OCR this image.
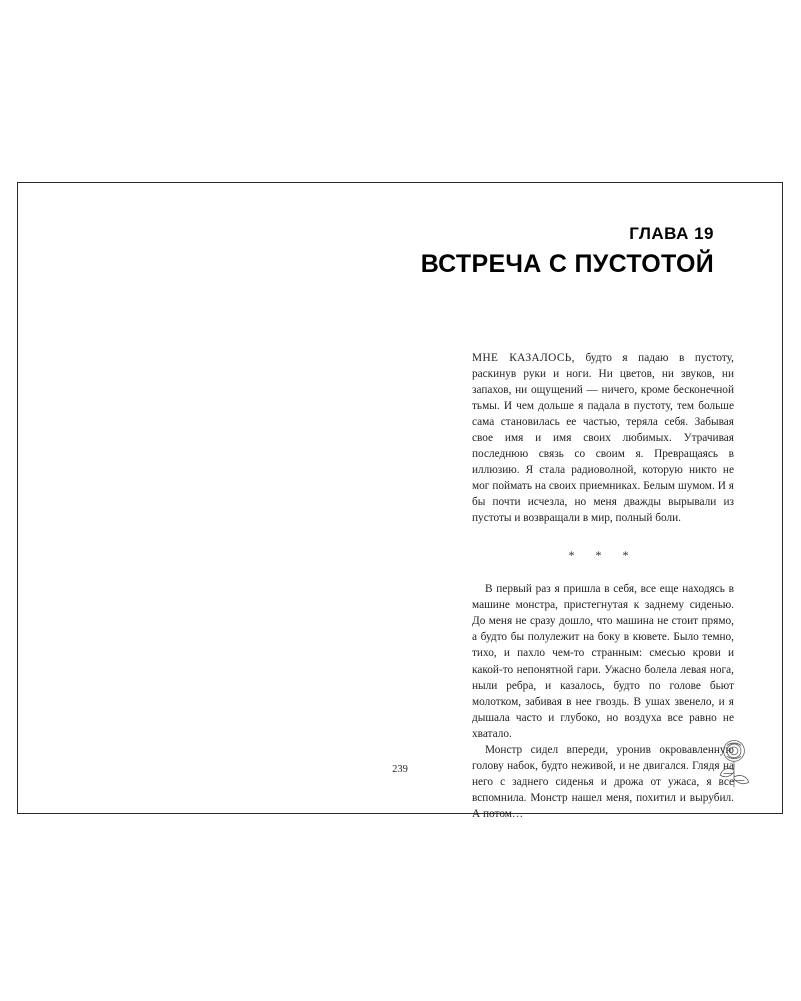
ГЛАВА 19
ВСТРЕЧА С ПУСТОТОЙ

МНЕ КАЗАЛОСЬ, будто я падаю в пустоту, раскинув руки и ноги. Ни цветов, ни звуков, ни запахов, ни ощущений — ничего, кроме бесконечной тьмы. И чем дольше я падала в пустоту, тем больше сама становилась ее частью, теряла себя. Забывая свое имя и имя своих любимых. Утрачивая последнюю связь со своим я. Превращаясь в иллюзию. Я стала радиоволной, которую никто не мог поймать на своих приемниках. Белым шумом. И я бы почти исчезла, но меня дважды вырывали из пустоты и возвращали в мир, полный боли.

* * *

В первый раз я пришла в себя, все еще находясь в машине монстра, пристегнутая к заднему сиденью. До меня не сразу дошло, что машина не стоит прямо, а будто бы полулежит на боку в кювете. Было темно, тихо, и пахло чем-то странным: смесью крови и какой-то непонятной гари. Ужасно болела левая нога, ныли ребра, и казалось, будто по голове бьют молотком, забивая в нее гвоздь. В ушах звенело, и я дышала часто и глубоко, но воздуха все равно не хватало.

Монстр сидел впереди, уронив окровавленную голову набок, будто неживой, и не двигался. Глядя на него с заднего сиденья и дрожа от ужаса, я все вспомнила. Монстр нашел меня, похитил и вырубил. А потом…

239
